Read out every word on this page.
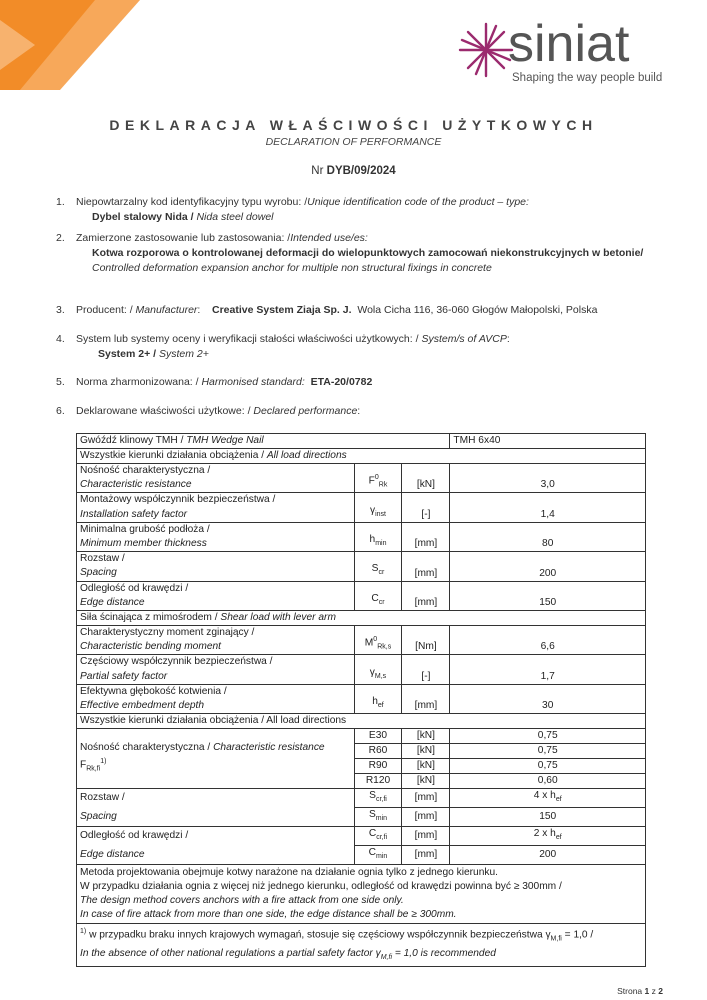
siniat
Shaping the way people build
DEKLARACJA WŁAŚCIWOŚCI UŻYTKOWYCH
DECLARATION OF PERFORMANCE
Nr DYB/09/2024
1.	Niepowtarzalny kod identyfikacyjny typu wyrobu: /Unique identification code of the product – type:
Dybel stalowy Nida / Nida steel dowel
2.	Zamierzone zastosowanie lub zastosowania: /Intended use/es:
Kotwa rozporowa o kontrolowanej deformacji do wielopunktowych zamocowań niekonstrukcyjnych w betonie/
Controlled deformation expansion anchor for multiple non structural fixings in concrete
3.	Producent: / Manufacturer: Creative System Ziaja Sp. J. Wola Cicha 116, 36-060 Głogów Małopolski, Polska
4.	System lub systemy oceny i weryfikacji stałości właściwości użytkowych: / System/s of AVCP:
System 2+ / System 2+
5.	Norma zharmonizowana: / Harmonised standard: ETA-20/0782
6.	Deklarowane właściwości użytkowe: / Declared performance:
Gwóźdź klinowy TMH / TMH Wedge Nail			TMH 6x40
Wszystkie kierunki działania obciążenia / All load directions			
Nośność charakterystyczna /	$F^0_{Rk}$	[kN]	3,0
Characteristic resistance			
Montażowy współczynnik bezpieczeństwa /	$\gamma_{inst}$	[-]	1,4
Installation safety factor			
Minimalna grubość podłoża /	$h_{min}$	[mm]	80
Minimum member thickness			
Rozstaw /	$S_{cr}$	[mm]	200
Spacing			
Odległość od krawędzi /	$C_{cr}$	[mm]	150
Edge distance			
Siła ścinająca z mimośrodem / Shear load with lever arm			
Charakterystyczny moment zginający /	$M^0_{Rk,s}$	[Nm]	6,6
Characteristic bending moment			
Częściowy współczynnik bezpieczeństwa /	$\gamma_{M,s}$	[-]	1,7
Partial safety factor			
Efektywna głębokość kotwienia /	$h_{ef}$	[mm]	30
Effective embedment depth			
Wszystkie kierunki działania obciążenia / All load directions			
Nośność charakterystyczna / Characteristic resistance
$F_{Rk,fi}^{1)}$	E30	[kN]	0,75
	R60	[kN]	0,75
	R90	[kN]	0,75
	R120	[kN]	0,60
Rozstaw /	$S_{cr,fi}$	[mm]	4 x $h_{ef}$
Spacing	$S_{min}$	[mm]	150
Odległość od krawędzi /	$C_{cr,fi}$	[mm]	2 x $h_{ef}$
Edge distance	$C_{min}$	[mm]	200
Metoda projektowania obejmuje kotwy narażone na działanie ognia tylko z jednego kierunku.
W przypadku działania ognia z więcej niż jednego kierunku, odległość od krawędzi powinna być ≥ 300mm /
The design method covers anchors with a fire attack from one side only.
In case of fire attack from more than one side, the edge distance shall be ≥ 300mm.			
$^{1)}$ w przypadku braku innych krajowych wymagań, stosuje się częściowy współczynnik bezpieczeństwa $\gamma_{M,fi} = 1,0$ /
In the absence of other national regulations a partial safety factor $\gamma_{M,fi} = 1,0$ is recommended			
Strona 1 z 2
